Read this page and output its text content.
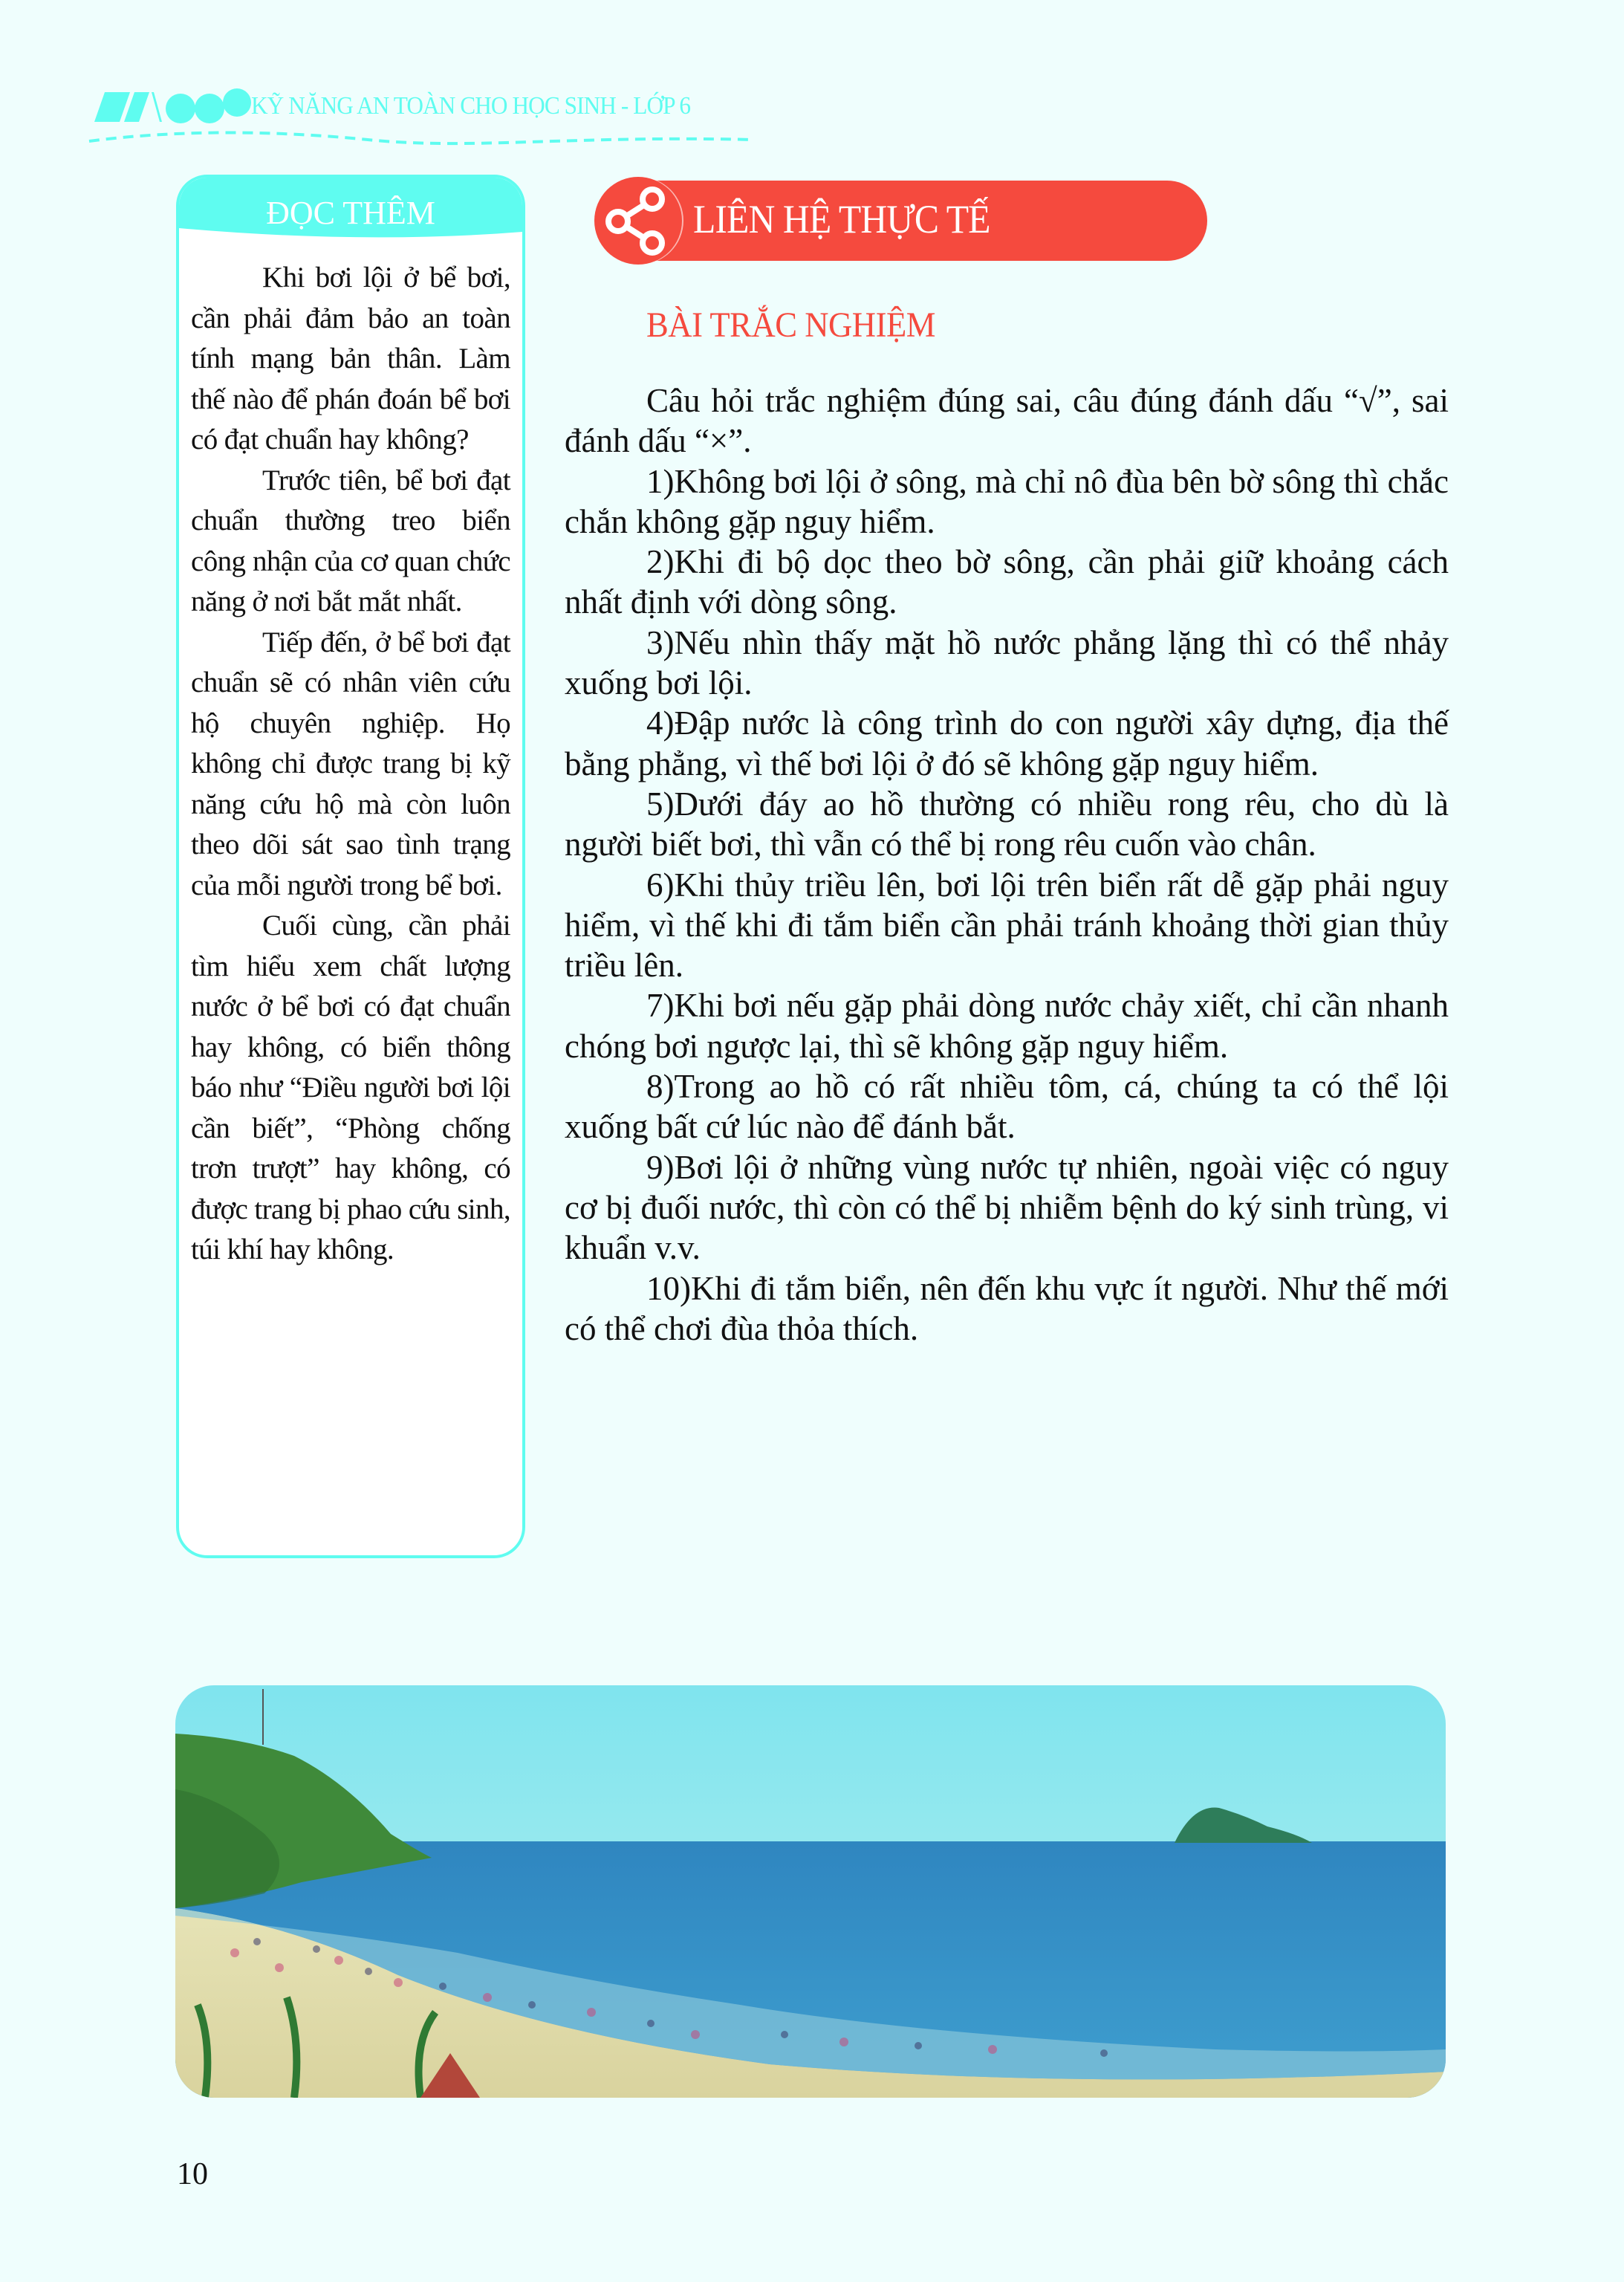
KỸ NĂNG AN TOÀN CHO HỌC SINH - LỚP 6
ĐỌC THÊM

Khi bơi lội ở bể bơi, cần phải đảm bảo an toàn tính mạng bản thân. Làm thế nào để phán đoán bể bơi có đạt chuẩn hay không?

Trước tiên, bể bơi đạt chuẩn thường treo biển công nhận của cơ quan chức năng ở nơi bắt mắt nhất.

Tiếp đến, ở bể bơi đạt chuẩn sẽ có nhân viên cứu hộ chuyên nghiệp. Họ không chỉ được trang bị kỹ năng cứu hộ mà còn luôn theo dõi sát sao tình trạng của mỗi người trong bể bơi.

Cuối cùng, cần phải tìm hiểu xem chất lượng nước ở bể bơi có đạt chuẩn hay không, có biển thông báo như “Điều người bơi lội cần biết”, “Phòng chống trơn trượt” hay không, có được trang bị phao cứu sinh, túi khí hay không.

LIÊN HỆ THỰC TẾ
BÀI TRẮC NGHIỆM

Câu hỏi trắc nghiệm đúng sai, câu đúng đánh dấu “√”, sai đánh dấu “×”.

1)Không bơi lội ở sông, mà chỉ nô đùa bên bờ sông thì chắc chắn không gặp nguy hiểm.

2)Khi đi bộ dọc theo bờ sông, cần phải giữ khoảng cách nhất định với dòng sông.

3)Nếu nhìn thấy mặt hồ nước phẳng lặng thì có thể nhảy xuống bơi lội.

4)Đập nước là công trình do con người xây dựng, địa thế bằng phẳng, vì thế bơi lội ở đó sẽ không gặp nguy hiểm.

5)Dưới đáy ao hồ thường có nhiều rong rêu, cho dù là người biết bơi, thì vẫn có thể bị rong rêu cuốn vào chân.

6)Khi thủy triều lên, bơi lội trên biển rất dễ gặp phải nguy hiểm, vì thế khi đi tắm biển cần phải tránh khoảng thời gian thủy triều lên.

7)Khi bơi nếu gặp phải dòng nước chảy xiết, chỉ cần nhanh chóng bơi ngược lại, thì sẽ không gặp nguy hiểm.

8)Trong ao hồ có rất nhiều tôm, cá, chúng ta có thể lội xuống bất cứ lúc nào để đánh bắt.

9)Bơi lội ở những vùng nước tự nhiên, ngoài việc có nguy cơ bị đuối nước, thì còn có thể bị nhiễm bệnh do ký sinh trùng, vi khuẩn v.v.

10)Khi đi tắm biển, nên đến khu vực ít người. Như thế mới có thể chơi đùa thỏa thích.

10
